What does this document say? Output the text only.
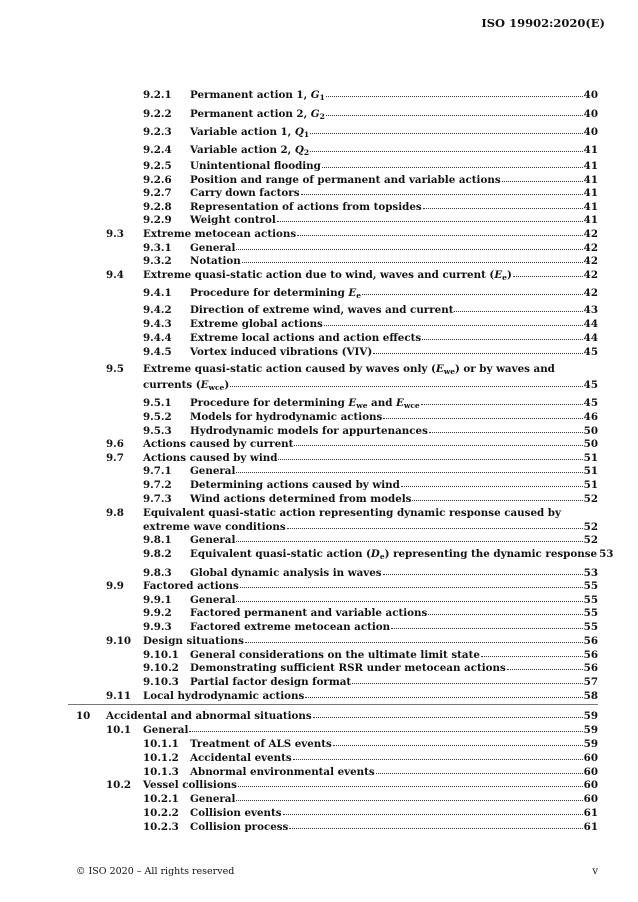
ISO 19902:2020(E)
9.2.1 Permanent action 1, $G_1$	40
9.2.2 Permanent action 2, $G_2$	40
9.2.3 Variable action 1, $Q_1$	40
9.2.4 Variable action 2, $Q_2$	41
9.2.5 Unintentional flooding	41
9.2.6 Position and range of permanent and variable actions	41
9.2.7 Carry down factors	41
9.2.8 Representation of actions from topsides	41
9.2.9 Weight control	41
9.3 Extreme metocean actions	42
9.3.1 General	42
9.3.2 Notation	42
9.4 Extreme quasi-static action due to wind, waves and current $(E_e)$	42
9.4.1 Procedure for determining $E_e$	42
9.4.2 Direction of extreme wind, waves and current	43
9.4.3 Extreme global actions	44
9.4.4 Extreme local actions and action effects	44
9.4.5 Vortex induced vibrations (VIV)	45
9.5 Extreme quasi-static action caused by waves only $(E_{we})$ or by waves and
currents $(E_{wce})$	45
9.5.1 Procedure for determining $E_{we}$ and $E_{wce}$	45
9.5.2 Models for hydrodynamic actions	46
9.5.3 Hydrodynamic models for appurtenances	50
9.6 Actions caused by current	50
9.7 Actions caused by wind	51
9.7.1 General	51
9.7.2 Determining actions caused by wind	51
9.7.3 Wind actions determined from models	52
9.8 Equivalent quasi-static action representing dynamic response caused by
extreme wave conditions	52
9.8.1 General	52
9.8.2 Equivalent quasi-static action $(D_e)$ representing the dynamic response 53
9.8.3 Global dynamic analysis in waves	53
9.9 Factored actions	55
9.9.1 General	55
9.9.2 Factored permanent and variable actions	55
9.9.3 Factored extreme metocean action	55
9.10 Design situations	56
9.10.1 General considerations on the ultimate limit state	56
9.10.2 Demonstrating sufficient RSR under metocean actions	56
9.10.3 Partial factor design format	57
9.11 Local hydrodynamic actions	58
10 Accidental and abnormal situations	59
10.1 General	59
10.1.1 Treatment of ALS events	59
10.1.2 Accidental events	60
10.1.3 Abnormal environmental events	60
10.2 Vessel collisions	60
10.2.1 General	60
10.2.2 Collision events	61
10.2.3 Collision process	61
© ISO 2020 – All rights reserved	v
